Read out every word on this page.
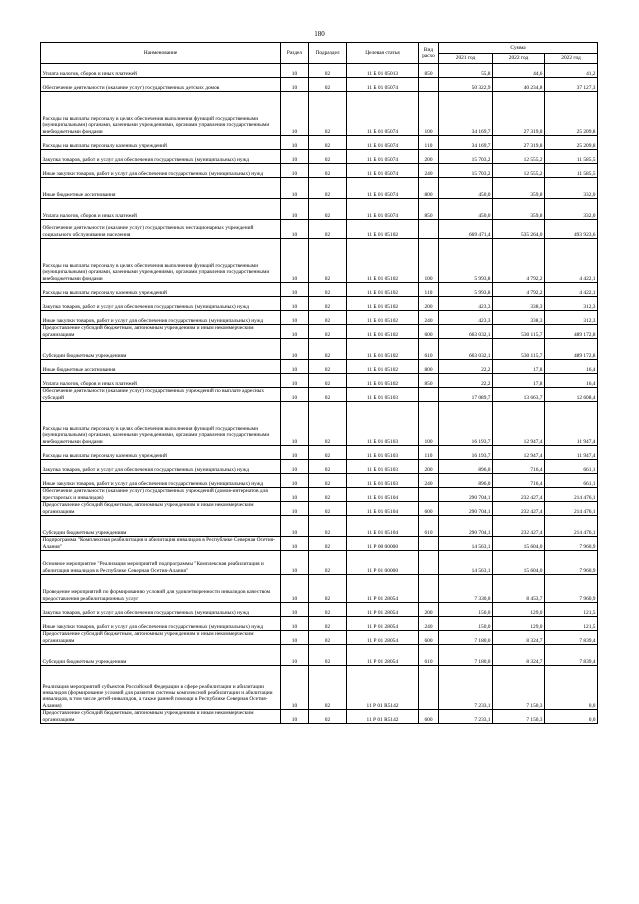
180
Наименование	Раздел	Подраздел	Целевая статья	Вид расхо	Сумма		
					2021 год	2022 год	2022 год
Уплата налогов, сборов и иных платежей	10	02	11 Б 01 05013	850	55,8	44,6	41,2
Обеспечение деятельности (оказание услуг) государственных детских домов	10	02	11 Б 01 05074		50 322,9	40 234,8	37 127,3
Расходы на выплаты персоналу в целях обеспечения выполнения функций государственными (муниципальными) органами, казенными учреждениями, органами управления государственными внебюджетными фондами	10	02	11 Б 01 05074	100	34 169,7	27 319,8	25 209,8
Расходы на выплаты персоналу казенных учреждений	10	02	11 Б 01 05074	110	34 169,7	27 319,8	25 209,8
Закупка товаров, работ и услуг для обеспечения государственных (муниципальных) нужд	10	02	11 Б 01 05074	200	15 703,2	12 555,2	11 585,5
Иные закупки товаров, работ и услуг для обеспечения государственных (муниципальных) нужд	10	02	11 Б 01 05074	240	15 703,2	12 555,2	11 585,5
Иные бюджетные ассигнования	10	02	11 Б 01 05074	800	450,0	359,8	332,0
Уплата налогов, сборов и иных платежей	10	02	11 Б 01 05074	850	450,0	359,8	332,0
Обеспечение деятельности (оказание услуг) государственных нестационарных учреждений социального обслуживания населения	10	02	11 Б 01 05102		669 471,4	535 264,0	493 923,6
Расходы на выплаты персоналу в целях обеспечения выполнения функций государственными (муниципальными) органами, казенными учреждениями, органами управления государственными внебюджетными фондами	10	02	11 Б 01 05102	100	5 993,8	4 792,2	4 422,1
Расходы на выплаты персоналу казенных учреждений	10	02	11 Б 01 05102	110	5 993,8	4 792,2	4 422,1
Закупка товаров, работ и услуг для обеспечения государственных (муниципальных) нужд	10	02	11 Б 01 05102	200	423,3	338,3	312,3
Иные закупки товаров, работ и услуг для обеспечения государственных (муниципальных) нужд	10	02	11 Б 01 05102	240	423,3	338,3	312,3
Предоставление субсидий бюджетным, автономным учреждениям и иным некоммерческим организациям	10	02	11 Б 01 05102	600	663 032,1	530 115,7	489 172,8
Субсидии бюджетным учреждениям	10	02	11 Б 01 05102	610	663 032,1	530 115,7	489 172,8
Иные бюджетные ассигнования	10	02	11 Б 01 05102	800	22,2	17,8	16,4
Уплата налогов, сборов и иных платежей	10	02	11 Б 01 05102	850	22,2	17,8	16,4
Обеспечение деятельности (оказание услуг) государственных учреждений по выплате адресных субсидий	10	02	11 Б 01 05103		17 089,7	13 663,7	12 608,4
Расходы на выплаты персоналу в целях обеспечения выполнения функций государственными (муниципальными) органами, казенными учреждениями, органами управления государственными внебюджетными фондами	10	02	11 Б 01 05103	100	16 193,7	12 947,4	11 947,4
Расходы на выплаты персоналу казенных учреждений	10	02	11 Б 01 05103	110	16 193,7	12 947,4	11 947,4
Закупка товаров, работ и услуг для обеспечения государственных (муниципальных) нужд	10	02	11 Б 01 05103	200	896,0	716,4	661,1
Иные закупки товаров, работ и услуг для обеспечения государственных (муниципальных) нужд	10	02	11 Б 01 05103	240	896,0	716,4	661,1
Обеспечение деятельности (оказание услуг) государственных учреждений (домов-интернатов для престарелых и инвалидов)	10	02	11 Б 01 05104		290 704,1	232 427,4	214 476,1
Предоставление субсидий бюджетным, автономным учреждениям и иным некоммерческим организациям	10	02	11 Б 01 05104	600	290 704,1	232 427,4	214 476,1
Субсидии бюджетным учреждениям	10	02	11 Б 01 05104	610	290 704,1	232 427,4	214 476,1
Подпрограмма "Комплексная реабилитация и абилитация инвалидов в Республике Северная Осетия-Алания"	10	02	11 Р 00 00000		14 563,1	15 604,0	7 960,9
Основное мероприятие "Реализация мероприятий подпрограммы "Комплексная реабилитация и абилитация инвалидов в Республике Северная Осетия-Алания"	10	02	11 Р 01 00000		14 563,1	15 604,0	7 960,9
Проведение мероприятий по формированию условий для удовлетворенности инвалидов качеством предоставления реабилитационных услуг	10	02	11 Р 01 28054		7 330,0	8 453,7	7 960,9
Закупка товаров, работ и услуг для обеспечения государственных (муниципальных) нужд	10	02	11 Р 01 28054	200	150,0	129,0	121,5
Иные закупки товаров, работ и услуг для обеспечения государственных (муниципальных) нужд	10	02	11 Р 01 28054	240	150,0	129,0	121,5
Предоставление субсидий бюджетным, автономным учреждениям и иным некоммерческим организациям	10	02	11 Р 01 28054	600	7 180,0	8 324,7	7 839,4
Субсидии бюджетным учреждениям	10	02	11 Р 01 28054	610	7 180,0	8 324,7	7 839,4
Реализация мероприятий субъектов Российской Федерации в сфере реабилитации и абилитации инвалидов (формирование условий для развития системы комплексной реабилитации и абилитации инвалидов, в том числе детей-инвалидов, а также ранней помощи в Республике Северная Осетия-Алания)	10	02	11 Р 01 R5142		7 233,1	7 150,3	0,0
Предоставление субсидий бюджетным, автономным учреждениям и иным некоммерческим организациям	10	02	11 Р 01 R5142	600	7 233,1	7 150,3	0,0
